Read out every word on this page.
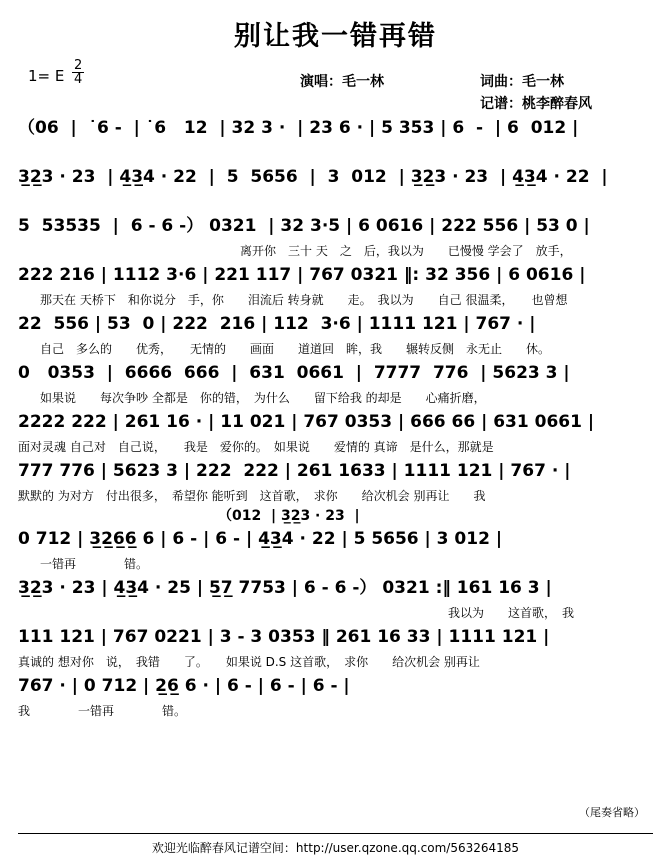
别让我一错再错
1= E $\frac{2}{4}$	演唱：毛一林	词曲：毛一林
记谱：桃李醉春风
（06  |  ˙6 -  | ˙6   12  | 32 3 ·  | 23 6 · | 5 353 | 6  -  | 6  012 |
3̲2̲3 · 23  | 4̲3̲4 · 22  |  5  5656  |  3  012  | 3̲2̲3 · 23  | 4̲3̲4 · 22  |
5  53535  |  6 - 6 -） 0321  | 32 3·5 | 6 0616 | 222 556 | 53 0 |
离开你　三十 天　之　后，我以为　　已慢慢 学会了　放手，
222 216 | 1112 3·6 | 221 117 | 767 0321 ‖: 32 356 | 6 0616 |
那天在 天桥下　和你说分　手，你　　泪流后 转身就　　走。　我以为　　自己 很温柔，　　也曾想
22  556 | 53  0 | 222  216 | 112  3·6 | 1111 121 | 767 · |
自己　多么的　　优秀，　　无情的　　画面　　道道回　眸，我　　辗转反侧　永无止　　休。
0   0353  |  6666  666  |  631  0661  |  7777  776  | 5623 3 |
如果说　　每次争吵 全都是　你的错，　为什么　　留下给我 的却是　　心痛折磨，
2222 222 | 261 16 · | 11 021 | 767 0353 | 666 66 | 631 0661 |
面对灵魂 自己对　自己说，　　我是　爱你的。　如果说　　爱情的 真谛　是什么，那就是
777 776 | 5623 3 | 222  222 | 261 1633 | 1111 121 | 767 · |
默默的 为对方　付出很多，　希望你 能听到　这首歌，　求你　　给次机会 别再让　　我
（012  | 3̲2̲3 · 23  |
0 712 | 3̲2̲6̲6̲ 6 | 6 - | 6 - | 4̲3̲4 · 22 | 5 5656 | 3 012 |
一错再　　　　错。
3̲2̲3 · 23 | 4̲3̲4 · 25 | 5̲7̲ 7753 | 6 - 6 -） 0321 :‖ 161 16 3 |
我以为　　这首歌，　我
111 121 | 767 0221 | 3 - 3 0353 ‖ 261 16 33 | 1111 121 |
真诚的 想对你　说，　我错　　了。　　如果说 D.S 这首歌，　求你　　给次机会 别再让
767 · | 0 712 | 2̲6̲ 6 · | 6 - | 6 - | 6 - |
我　　　　一错再　　　　错。
（尾奏省略）
欢迎光临醉春风记谱空间：http://user.qzone.qq.com/563264185
